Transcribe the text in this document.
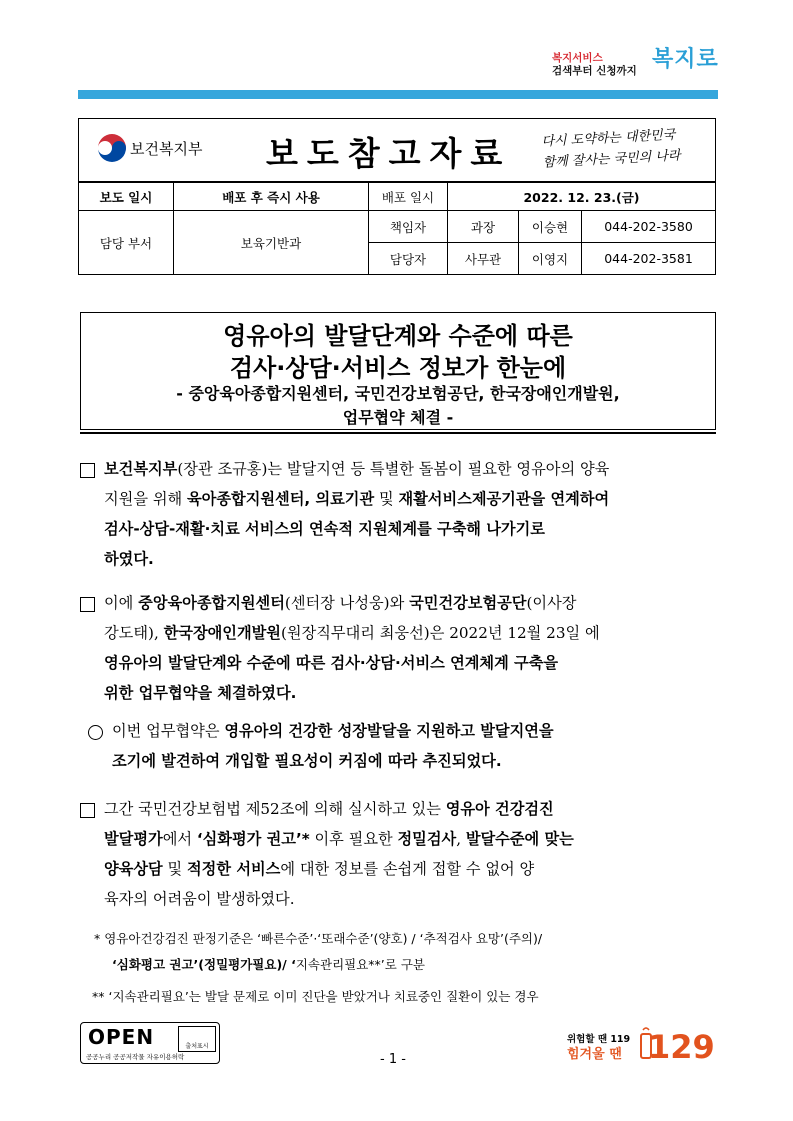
복지서비스
검색부터 신청까지 복지로
보건복지부 보도참고자료 다시 도약하는 대한민국
함께 잘사는 국민의 나라
보도 일시	배포 후 즉시 사용	배포 일시	2022. 12. 23.(금)		
담당 부서	보육기반과	책임자	과장	이승현	044-202-3580
		담당자	사무관	이영지	044-202-3581
영유아의 발달단계와 수준에 따른
검사·상담·서비스 정보가 한눈에
- 중앙육아종합지원센터, 국민건강보험공단, 한국장애인개발원,
업무협약 체결 -
보건복지부(장관 조규홍)는 발달지연 등 특별한 돌봄이 필요한 영유아의 양육
지원을 위해 육아종합지원센터, 의료기관 및 재활서비스제공기관을 연계하여
검사-상담-재활·치료 서비스의 연속적 지원체계를 구축해 나가기로
하였다.
이에 중앙육아종합지원센터(센터장 나성웅)와 국민건강보험공단(이사장
강도태), 한국장애인개발원(원장직무대리 최웅선)은 2022년 12월 23일 에
영유아의 발달단계와 수준에 따른 검사·상담·서비스 연계체계 구축을
위한 업무협약을 체결하였다.
이번 업무협약은 영유아의 건강한 성장발달을 지원하고 발달지연을
조기에 발견하여 개입할 필요성이 커짐에 따라 추진되었다.
그간 국민건강보험법 제52조에 의해 실시하고 있는 영유아 건강검진
발달평가에서 ‘심화평가 권고’* 이후 필요한 정밀검사, 발달수준에 맞는
양육상담 및 적정한 서비스에 대한 정보를 손쉽게 접할 수 없어 양
육자의 어려움이 발생하였다.
* 영유아건강검진 판정기준은 ‘빠른수준’·‘또래수준’(양호) / ‘추적검사 요망’(주의)/
‘심화평고 권고’(정밀평가필요)/ ‘지속관리필요**’로 구분
** ‘지속관리필요’는 발달 문제로 이미 진단을 받았거나 치료중인 질환이 있는 경우
OPEN
공공누리 공공저작물 자유이용허락
출처표시
- 1 -
위험할 땐 119
힘겨울 땐 129
